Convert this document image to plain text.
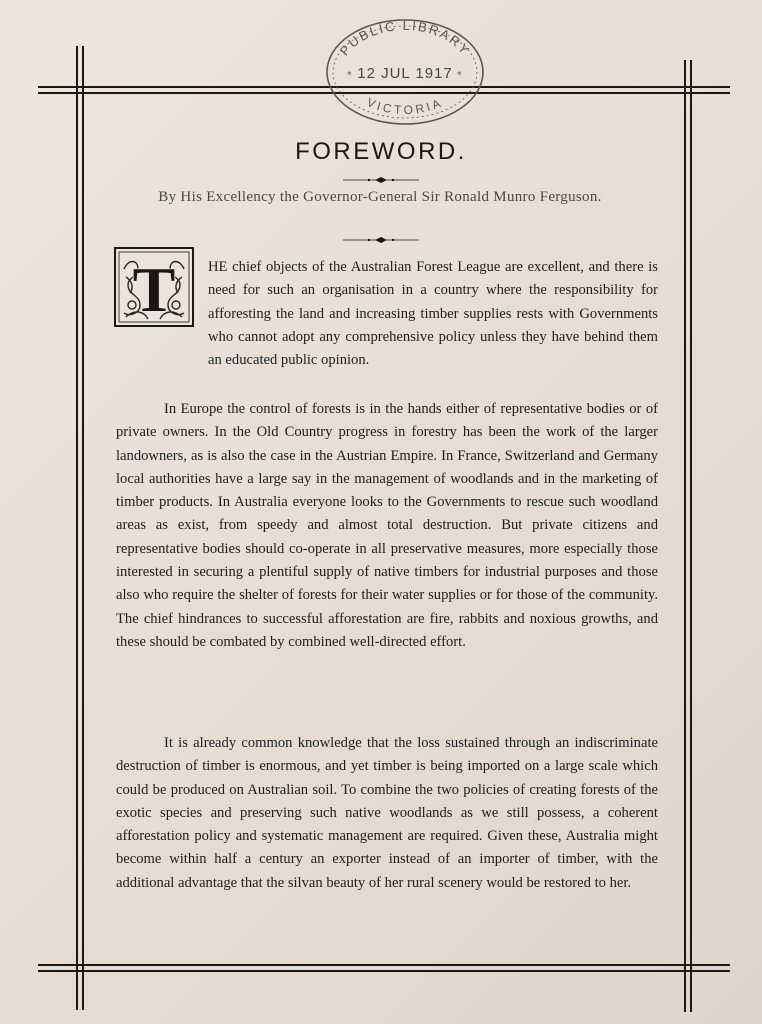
PUBLIC LIBRARY
12 JUL 1917
VICTORIA
*	*
FOREWORD.
By His Excellency the Governor-General Sir Ronald Munro Ferguson.
T	HE chief objects of the Australian Forest League are excellent, and there is need for such an organisation in a country where the responsibility for afforesting the land and increasing timber supplies rests with Governments who cannot adopt any comprehensive policy unless they have behind them an educated public opinion.

In Europe the control of forests is in the hands either of representative bodies or of private owners. In the Old Country progress in forestry has been the work of the larger landowners, as is also the case in the Austrian Empire. In France, Switzerland and Germany local authorities have a large say in the management of woodlands and in the marketing of timber products. In Australia everyone looks to the Governments to rescue such woodland areas as exist, from speedy and almost total destruction. But private citizens and representative bodies should co-operate in all preservative measures, more especially those interested in securing a plentiful supply of native timbers for industrial purposes and those also who require the shelter of forests for their water supplies or for those of the community. The chief hindrances to successful afforestation are fire, rabbits and noxious growths, and these should be combated by combined well-directed effort.

It is already common knowledge that the loss sustained through an indiscriminate destruction of timber is enormous, and yet timber is being imported on a large scale which could be produced on Australian soil. To combine the two policies of creating forests of the exotic species and preserving such native woodlands as we still possess, a coherent afforestation policy and systematic management are required. Given these, Australia might become within half a century an exporter instead of an importer of timber, with the additional advantage that the silvan beauty of her rural scenery would be restored to her.
